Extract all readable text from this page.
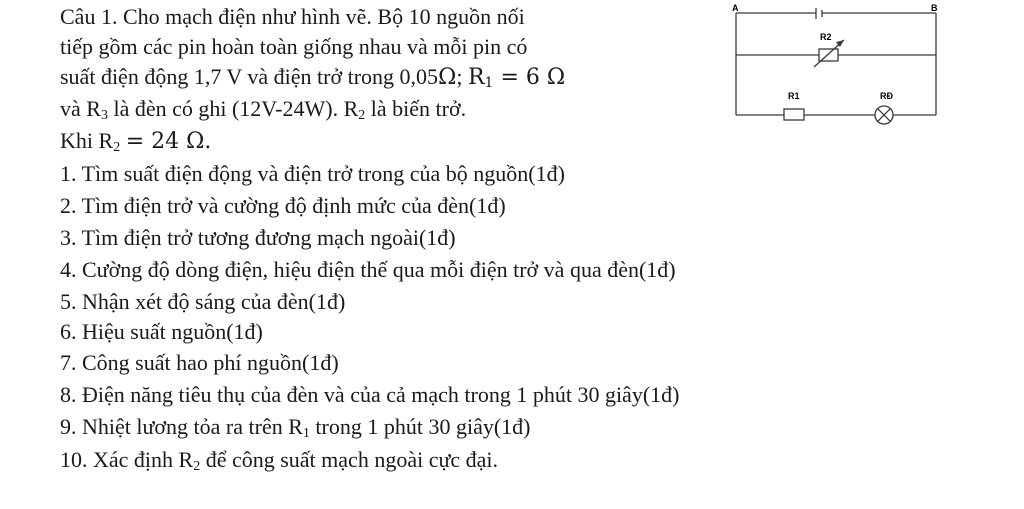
Câu 1. Cho mạch điện như hình vẽ. Bộ 10 nguồn nối
tiếp gồm các pin hoàn toàn giống nhau và mỗi pin có
suất điện động 1,7 V và điện trở trong 0,05Ω; $R_1 = 6$ Ω
và $R_3$ là đèn có ghi (12V-24W). $R_2$ là biến trở.
Khi $R_2 = 24$ Ω.
1. Tìm suất điện động và điện trở trong của bộ nguồn(1đ)
2. Tìm điện trở và cường độ định mức của đèn(1đ)
3. Tìm điện trở tương đương mạch ngoài(1đ)
4. Cường độ dòng điện, hiệu điện thế qua mỗi điện trở và qua đèn(1đ)
5. Nhận xét độ sáng của đèn(1đ)
6. Hiệu suất nguồn(1đ)
7. Công suất hao phí nguồn(1đ)
8. Điện năng tiêu thụ của đèn và của cả mạch trong 1 phút 30 giây(1đ)
9. Nhiệt lương tỏa ra trên $R_1$ trong 1 phút 30 giây(1đ)
10. Xác định $R_2$ để công suất mạch ngoài cực đại.
A	B
R2
R1	RĐ
